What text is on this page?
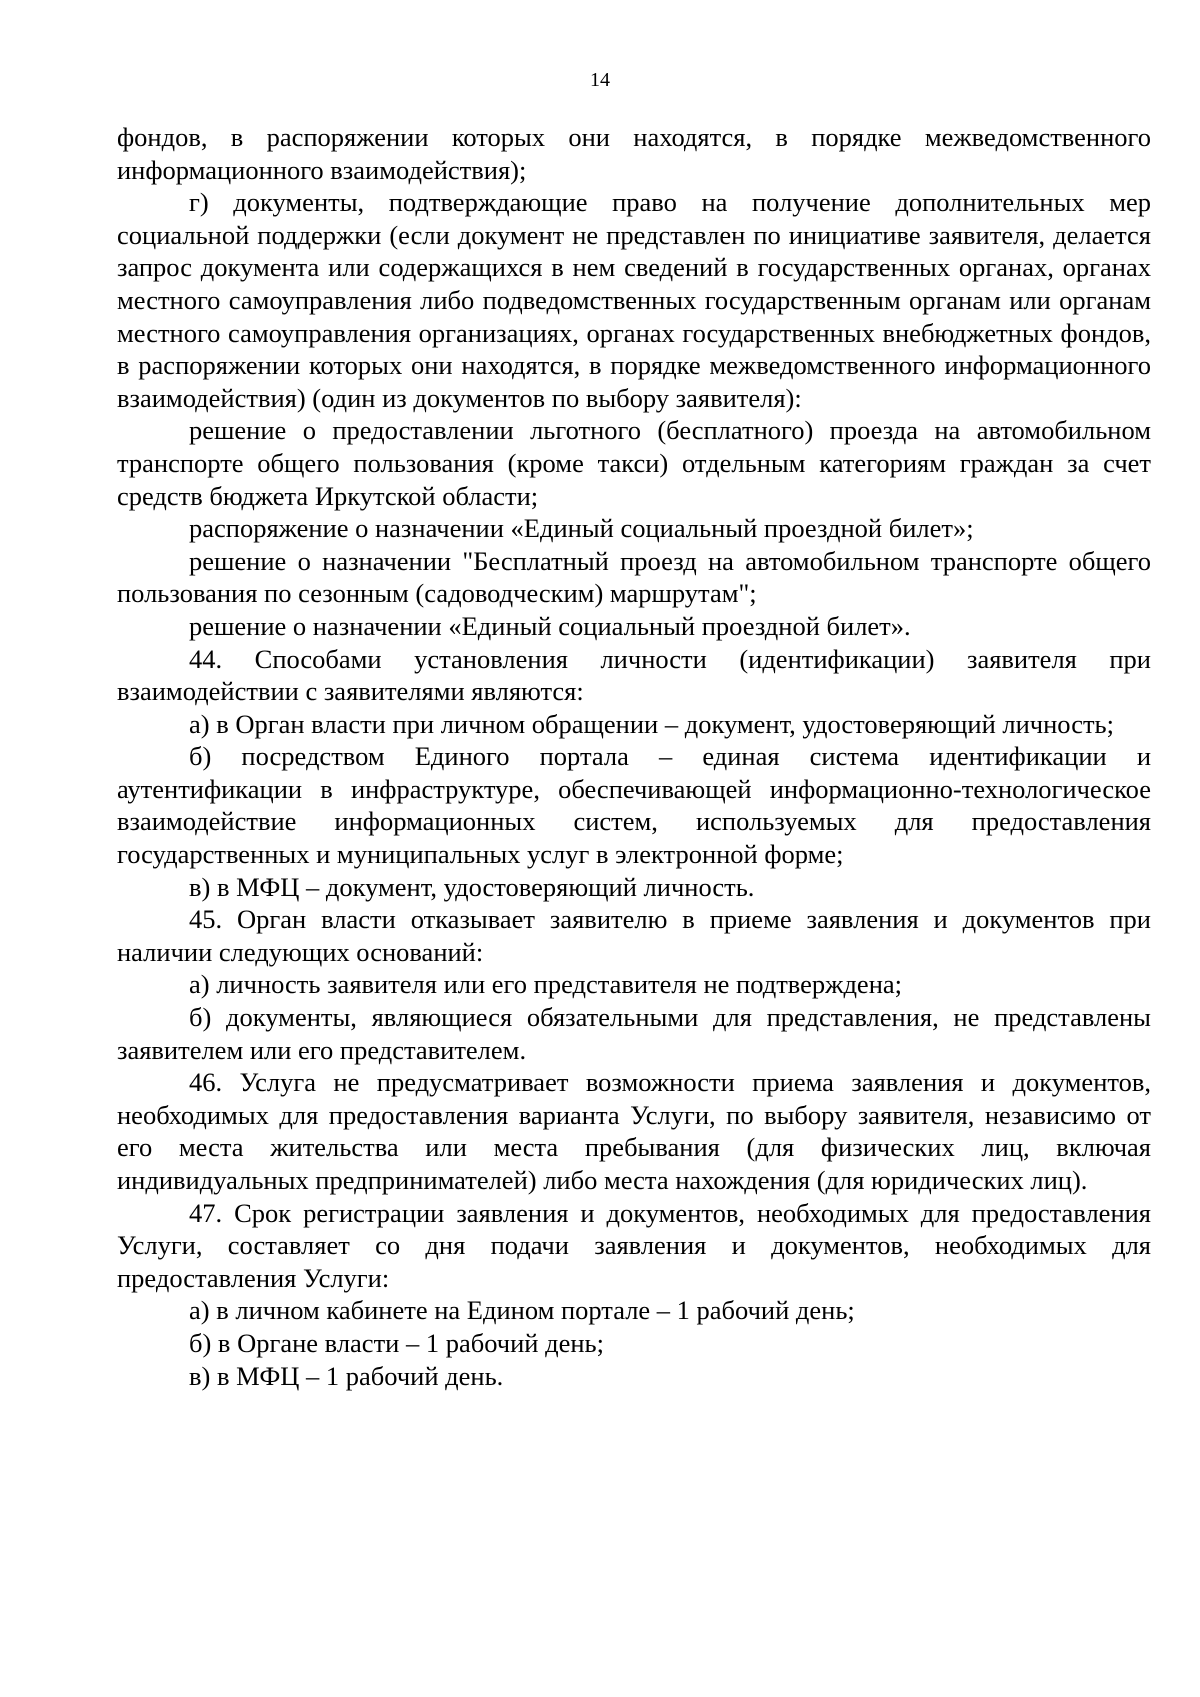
14

фондов, в распоряжении которых они находятся, в порядке межведомственного информационного взаимодействия);

г) документы, подтверждающие право на получение дополнительных мер социальной поддержки (если документ не представлен по инициативе заявителя, делается запрос документа или содержащихся в нем сведений в государственных органах, органах местного самоуправления либо подведомственных государственным органам или органам местного самоуправления организациях, органах государственных внебюджетных фондов, в распоряжении которых они находятся, в порядке межведомственного информационного взаимодействия) (один из документов по выбору заявителя):

решение о предоставлении льготного (бесплатного) проезда на автомобильном транспорте общего пользования (кроме такси) отдельным категориям граждан за счет средств бюджета Иркутской области;

распоряжение о назначении «Единый социальный проездной билет»;

решение о назначении "Бесплатный проезд на автомобильном транспорте общего пользования по сезонным (садоводческим) маршрутам";

решение о назначении «Единый социальный проездной билет».

44. Способами установления личности (идентификации) заявителя при взаимодействии с заявителями являются:

а) в Орган власти при личном обращении – документ, удостоверяющий личность;

б) посредством Единого портала – единая система идентификации и аутентификации в инфраструктуре, обеспечивающей информационно-технологическое взаимодействие информационных систем, используемых для предоставления государственных и муниципальных услуг в электронной форме;

в) в МФЦ – документ, удостоверяющий личность.

45. Орган власти отказывает заявителю в приеме заявления и документов при наличии следующих оснований:

а) личность заявителя или его представителя не подтверждена;

б) документы, являющиеся обязательными для представления, не представлены заявителем или его представителем.

46. Услуга не предусматривает возможности приема заявления и документов, необходимых для предоставления варианта Услуги, по выбору заявителя, независимо от его места жительства или места пребывания (для физических лиц, включая индивидуальных предпринимателей) либо места нахождения (для юридических лиц).

47. Срок регистрации заявления и документов, необходимых для предоставления Услуги, составляет со дня подачи заявления и документов, необходимых для предоставления Услуги:

а) в личном кабинете на Едином портале – 1 рабочий день;

б) в Органе власти – 1 рабочий день;

в) в МФЦ – 1 рабочий день.
